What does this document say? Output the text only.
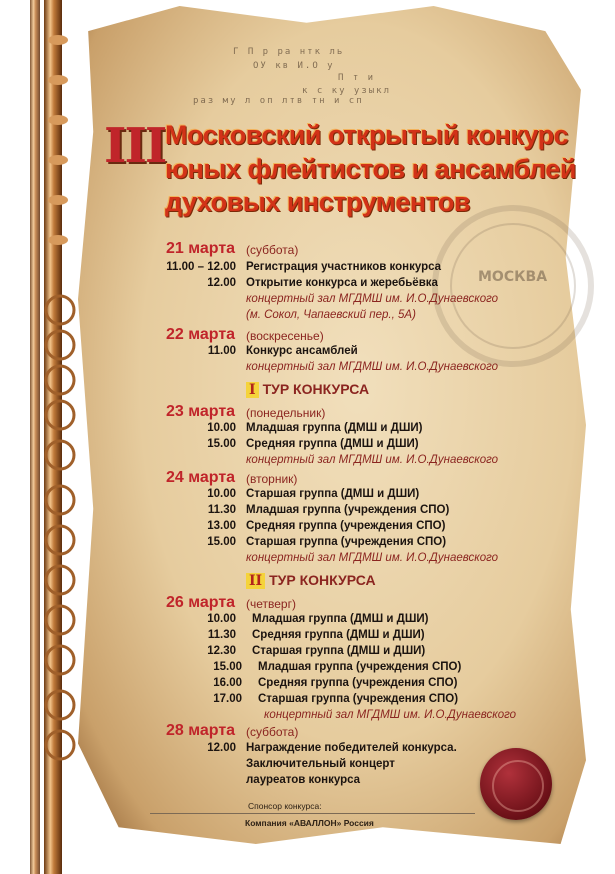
Г П р ра нтк ль
ОУ кв И.О у
П т и
к с ку узыкл
раз му л оп лтв тн и сп
МОСКВА
III Московский открытый конкурс
юных флейтистов и ансамблей
духовых инструментов
21 марта (суббота)
11.00 – 12.00 Регистрация участников конкурса
12.00 Открытие конкурса и жеребьёвка
концертный зал МГДМШ им. И.О.Дунаевского
(м. Сокол, Чапаевский пер., 5А)
22 марта (воскресенье)
11.00 Конкурс ансамблей
концертный зал МГДМШ им. И.О.Дунаевского
I ТУР КОНКУРСА
23 марта (понедельник)
10.00 Младшая группа (ДМШ и ДШИ)
15.00 Средняя группа (ДМШ и ДШИ)
концертный зал МГДМШ им. И.О.Дунаевского
24 марта (вторник)
10.00 Старшая группа (ДМШ и ДШИ)
11.30 Младшая группа (учреждения СПО)
13.00 Средняя группа (учреждения СПО)
15.00 Старшая группа (учреждения СПО)
концертный зал МГДМШ им. И.О.Дунаевского
II ТУР КОНКУРСА
26 марта (четверг)
10.00 Младшая группа (ДМШ и ДШИ)
11.30 Средняя группа (ДМШ и ДШИ)
12.30 Старшая группа (ДМШ и ДШИ)
15.00 Младшая группа (учреждения СПО)
16.00 Средняя группа (учреждения СПО)
17.00 Старшая группа (учреждения СПО)
концертный зал МГДМШ им. И.О.Дунаевского
28 марта (суббота)
12.00 Награждение победителей конкурса.
Заключительный концерт
лауреатов конкурса
Спонсор конкурса:
Компания «АВАЛЛОН» Россия
